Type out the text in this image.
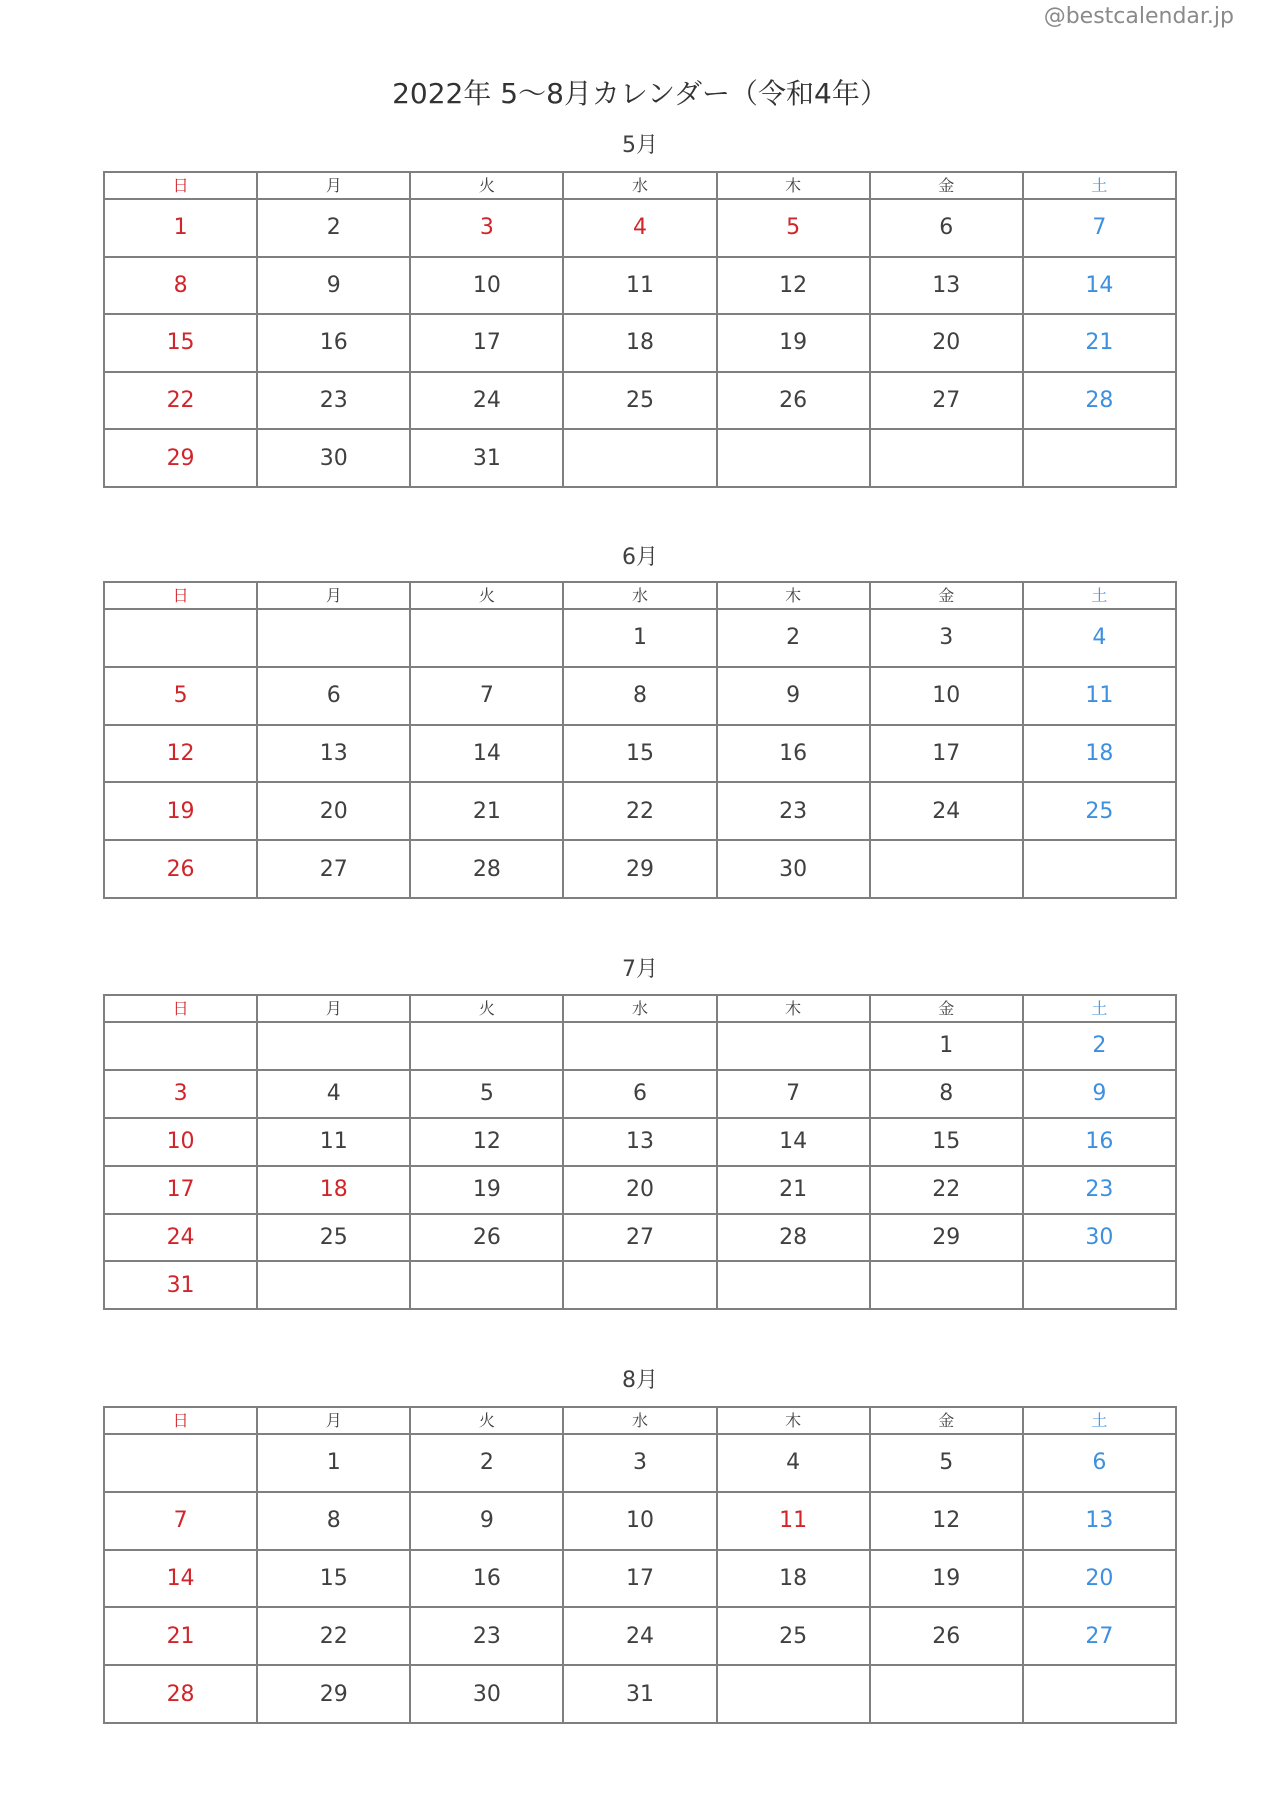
@bestcalendar.jp
2022年 5〜8月カレンダー（令和4年）
5月
日	月	火	水	木	金	土
1	2	3	4	5	6	7
8	9	10	11	12	13	14
15	16	17	18	19	20	21
22	23	24	25	26	27	28
29	30	31				
6月
日	月	火	水	木	金	土
			1	2	3	4
5	6	7	8	9	10	11
12	13	14	15	16	17	18
19	20	21	22	23	24	25
26	27	28	29	30		
7月
日	月	火	水	木	金	土
					1	2
3	4	5	6	7	8	9
10	11	12	13	14	15	16
17	18	19	20	21	22	23
24	25	26	27	28	29	30
31						
8月
日	月	火	水	木	金	土
	1	2	3	4	5	6
7	8	9	10	11	12	13
14	15	16	17	18	19	20
21	22	23	24	25	26	27
28	29	30	31			
